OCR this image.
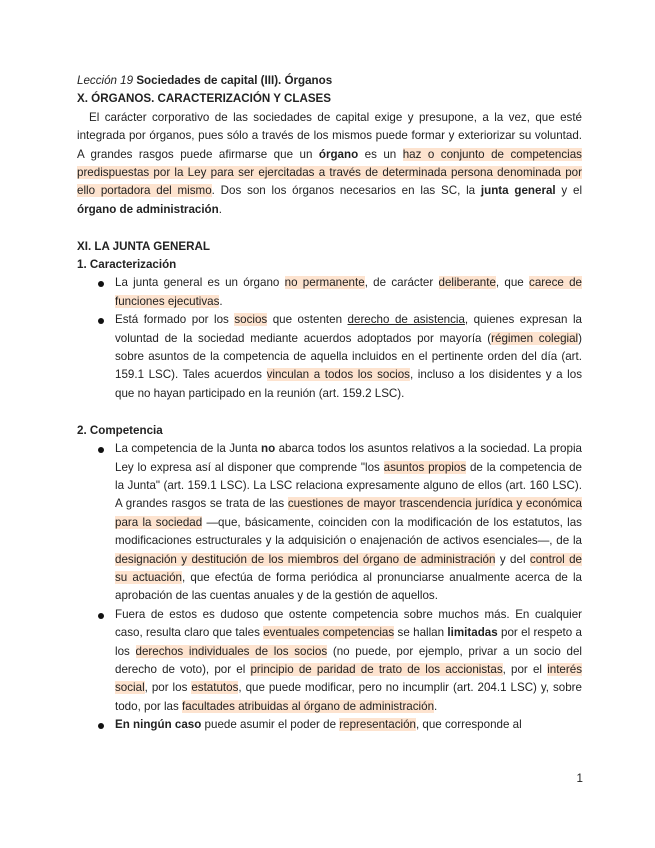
Lección 19 Sociedades de capital (III). Órganos

X. ÓRGANOS. CARACTERIZACIÓN Y CLASES

El carácter corporativo de las sociedades de capital exige y presupone, a la vez, que esté integrada por órganos, pues sólo a través de los mismos puede formar y exteriorizar su voluntad. A grandes rasgos puede afirmarse que un órgano es un haz o conjunto de competencias predispuestas por la Ley para ser ejercitadas a través de determinada persona denominada por ello portadora del mismo. Dos son los órganos necesarios en las SC, la junta general y el órgano de administración.

XI. LA JUNTA GENERAL

1. Caracterización

La junta general es un órgano no permanente, de carácter deliberante, que carece de funciones ejecutivas.
Está formado por los socios que ostenten derecho de asistencia, quienes expresan la voluntad de la sociedad mediante acuerdos adoptados por mayoría (régimen colegial) sobre asuntos de la competencia de aquella incluidos en el pertinente orden del día (art. 159.1 LSC). Tales acuerdos vinculan a todos los socios, incluso a los disidentes y a los que no hayan participado en la reunión (art. 159.2 LSC).

2. Competencia

La competencia de la Junta no abarca todos los asuntos relativos a la sociedad. La propia Ley lo expresa así al disponer que comprende "los asuntos propios de la competencia de la Junta" (art. 159.1 LSC). La LSC relaciona expresamente alguno de ellos (art. 160 LSC). A grandes rasgos se trata de las cuestiones de mayor trascendencia jurídica y económica para la sociedad —que, básicamente, coinciden con la modificación de los estatutos, las modificaciones estructurales y la adquisición o enajenación de activos esenciales—, de la designación y destitución de los miembros del órgano de administración y del control de su actuación, que efectúa de forma periódica al pronunciarse anualmente acerca de la aprobación de las cuentas anuales y de la gestión de aquellos.
Fuera de estos es dudoso que ostente competencia sobre muchos más. En cualquier caso, resulta claro que tales eventuales competencias se hallan limitadas por el respeto a los derechos individuales de los socios (no puede, por ejemplo, privar a un socio del derecho de voto), por el principio de paridad de trato de los accionistas, por el interés social, por los estatutos, que puede modificar, pero no incumplir (art. 204.1 LSC) y, sobre todo, por las facultades atribuidas al órgano de administración.
En ningún caso puede asumir el poder de representación, que corresponde al
1
